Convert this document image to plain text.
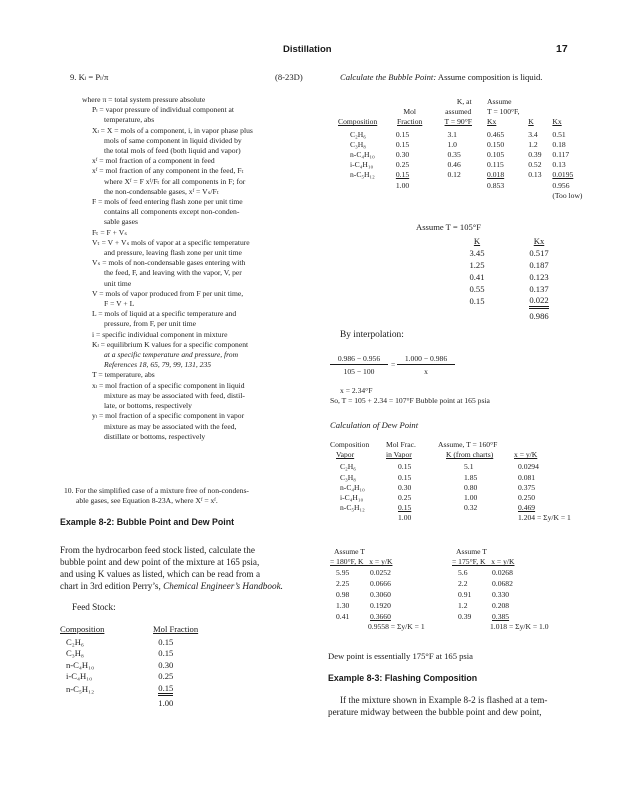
Distillation	17
9. Kₗ = Pₗ/π	(8-23D)
where π = total system pressure absolute
Pₗ = vapor pressure of individual component at
temperature, abs
Xₗ = X = mols of a component, i, in vapor phase plus
mols of same component in liquid divided by
the total mols of feed (both liquid and vapor)
xᶠ = mol fraction of a component in feed
xᶠ = mol fraction of any component in the feed, Fₜ
where Xᶠ = F xᶠ/Fₜ for all components in F; for
the non-condensable gases, xᶠ = Vₛ/Fₜ
F = mols of feed entering flash zone per unit time
contains all components except non-conden-
sable gases
Fₜ = F + Vₛ
Vₜ = V + Vₛ mols of vapor at a specific temperature
and pressure, leaving flash zone per unit time
Vₛ = mols of non-condensable gases entering with
the feed, F, and leaving with the vapor, V, per
unit time
V = mols of vapor produced from F per unit time,
F = V + L
L = mols of liquid at a specific temperature and
pressure, from F, per unit time
i = specific individual component in mixture
Kₗ = equilibrium K values for a specific component
at a specific temperature and pressure, from
References 18, 65, 79, 99, 131, 235
T = temperature, abs
xₗ = mol fraction of a specific component in liquid
mixture as may be associated with feed, distil-
late, or bottoms, respectively
yₗ = mol fraction of a specific component in vapor
mixture as may be associated with the feed,
distillate or bottoms, respectively
10. For the simplified case of a mixture free of non-condens-
able gases, see Equation 8-23A, where Xᶠ = xᶠ.
Example 8-2: Bubble Point and Dew Point
From the hydrocarbon feed stock listed, calculate the
bubble point and dew point of the mixture at 165 psia,
and using K values as listed, which can be read from a
chart in 3rd edition Perry’s, Chemical Engineer’s Handbook.
Feed Stock:
Composition	Mol Fraction
C₂H₆	0.15
C₃H₈	0.15
n-C₄H₁₀	0.30
i-C₄H₁₀	0.25
n-C₅H₁₂	0.15
	1.00
Calculate the Bubble Point: Assume composition is liquid.
		K, at	Assume		
	Mol	assumed	T = 100°F,		
Composition	Fraction	T = 90°F	Kx	K	Kx
C₂H₆	0.15	3.1	0.465	3.4	0.51
C₃H₈	0.15	1.0	0.150	1.2	0.18
n-C₄H₁₀	0.30	0.35	0.105	0.39	0.117
i-C₄H₁₀	0.25	0.46	0.115	0.52	0.13
n-C₅H₁₂	0.15	0.12	0.018	0.13	0.0195
	1.00		0.853		0.956
					(Too low)
Assume T = 105°F
K	Kx
3.45	0.517
1.25	0.187
0.41	0.123
0.55	0.137
0.15	0.022
	0.986
By interpolation:
0.986 − 0.956
105 − 100
=
1.000 − 0.986
x
x = 2.34°F
So, T = 105 + 2.34 = 107°F Bubble point at 165 psia
Calculation of Dew Point
Composition	Mol Frac.	Assume, T = 160°F	
Vapor	in Vapor	K (from charts)	x = y/K
C₂H₆	0.15	5.1	0.0294
C₃H₈	0.15	1.85	0.081
n-C₄H₁₀	0.30	0.80	0.375
i-C₄H₁₀	0.25	1.00	0.250
n-C₅H₁₂	0.15	0.32	0.469
	1.00		1.204 = Σy/K = 1
Assume T
= 180°F, K   x = y/K
5.95	0.0252
2.25	0.0666
0.98	0.3060
1.30	0.1920
0.41	0.3660
0.9558 = Σy/K = 1
Assume T
= 175°F, K   x = y/K
5.6	0.0268
2.2	0.0682
0.91	0.330
1.2	0.208
0.39	0.385
1.018 = Σy/K = 1.0
Dew point is essentially 175°F at 165 psia
Example 8-3: Flashing Composition
If the mixture shown in Example 8-2 is flashed at a tem-
perature midway between the bubble point and dew point,
